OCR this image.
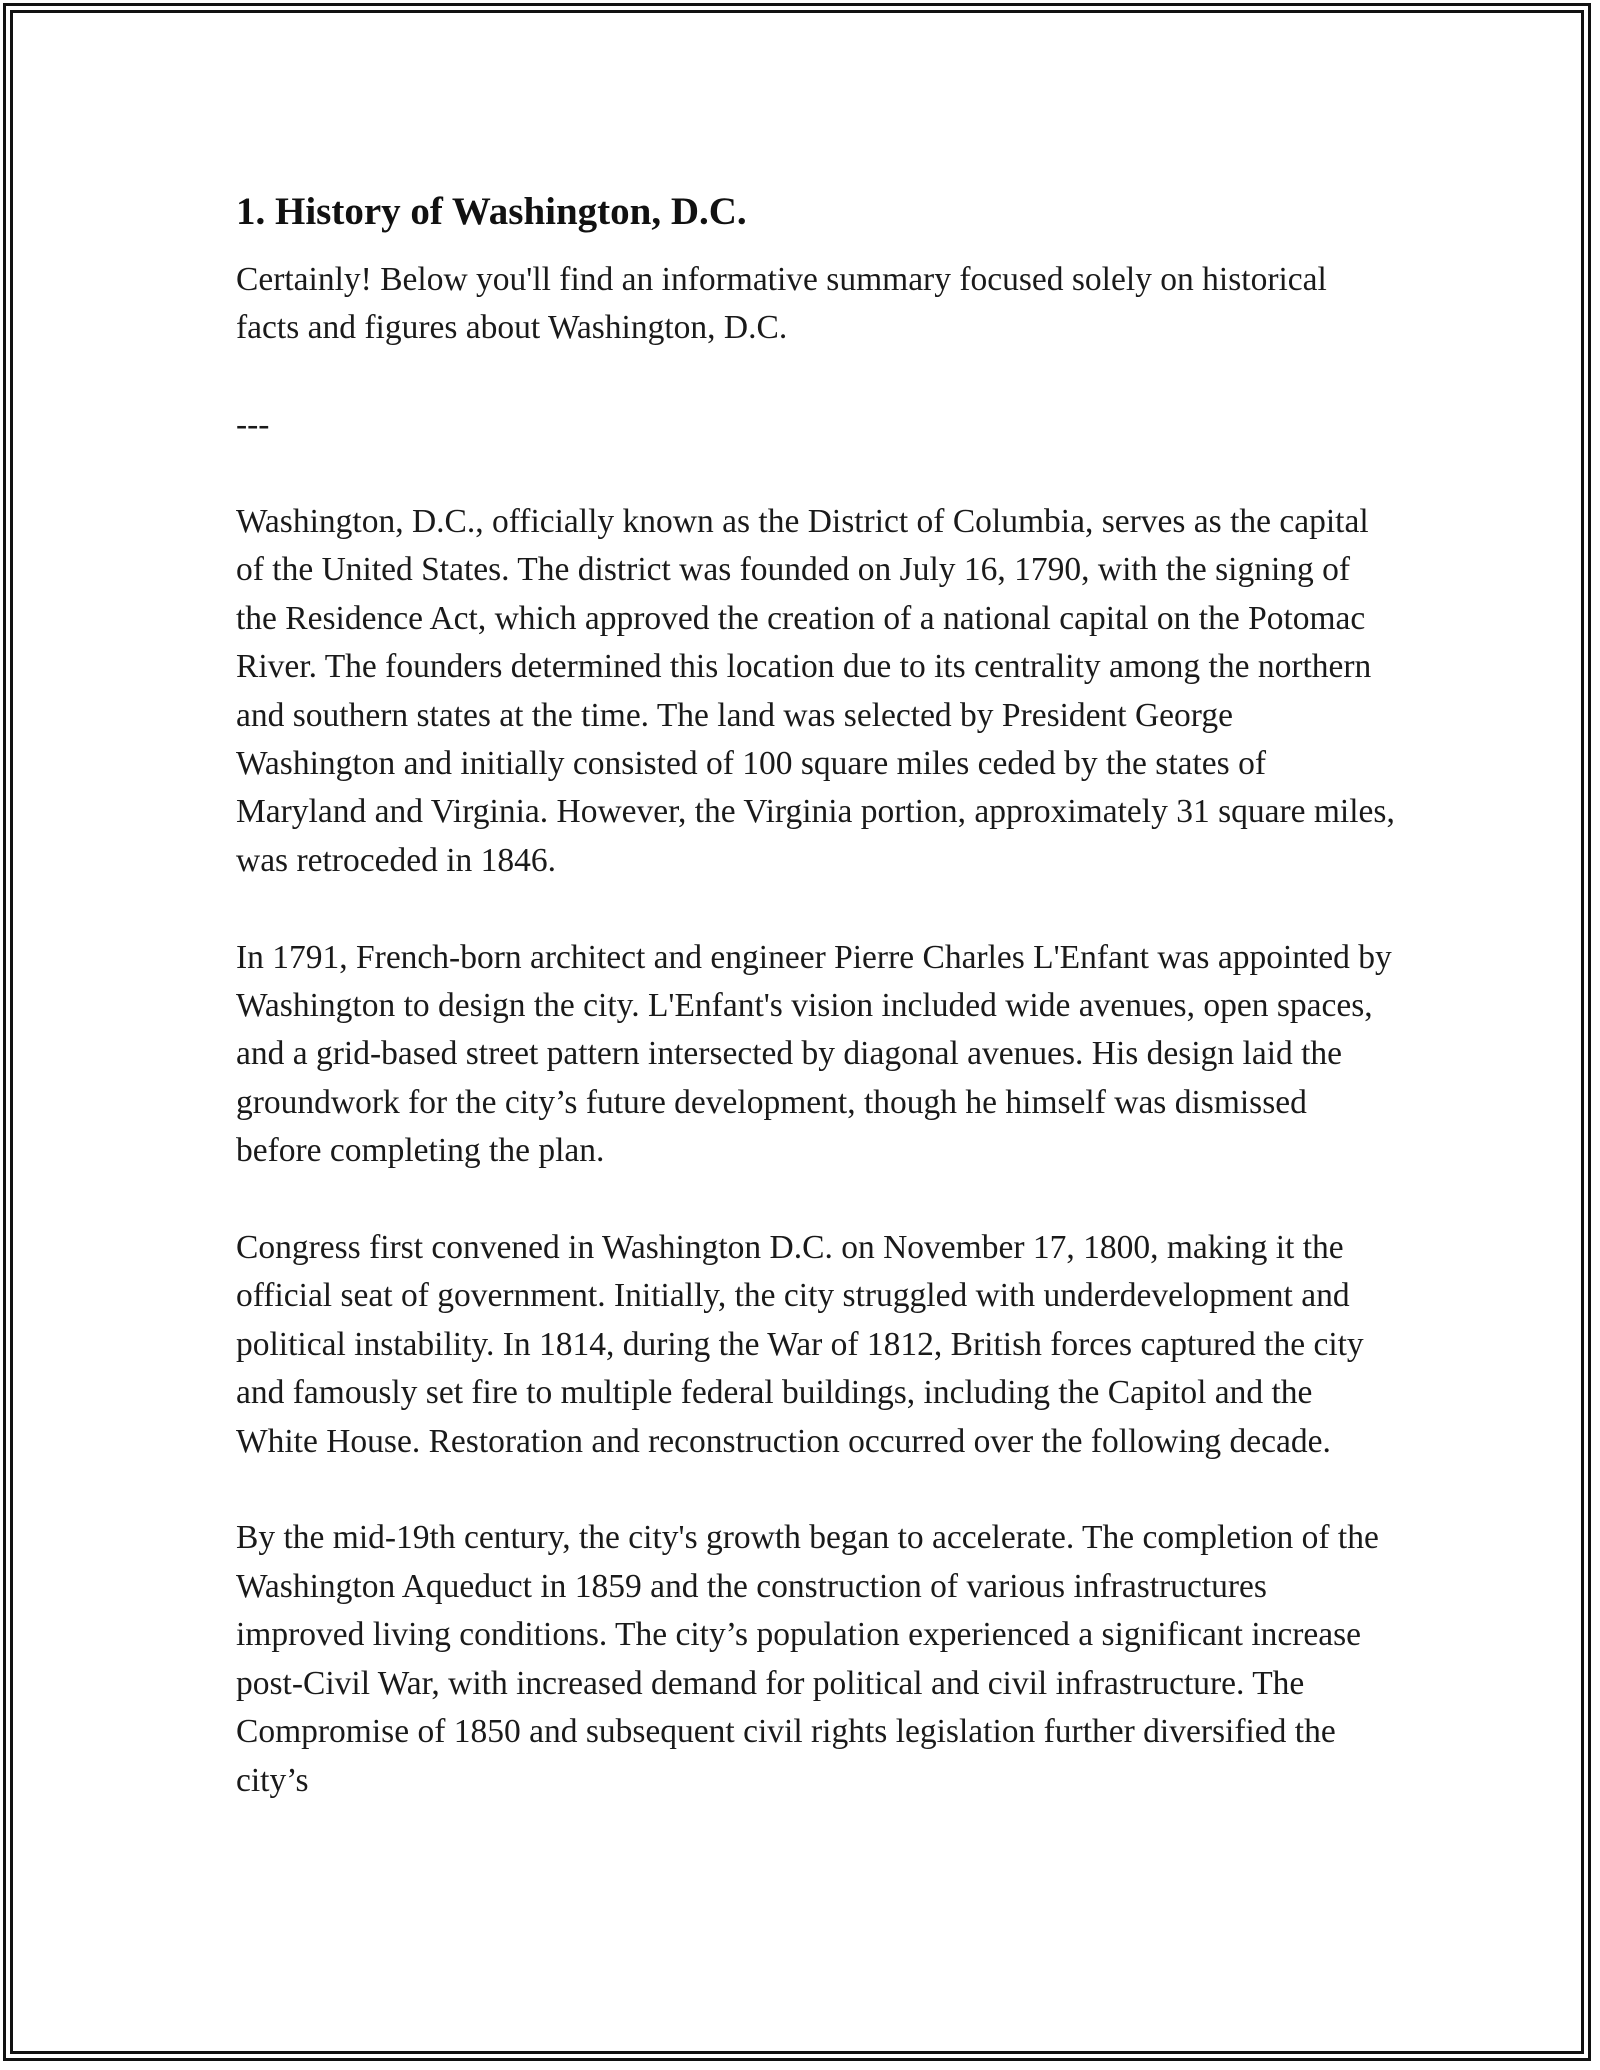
1. History of Washington, D.C.

Certainly! Below you'll find an informative summary focused solely on historical facts and figures about Washington, D.C.

---

Washington, D.C., officially known as the District of Columbia, serves as the capital of the United States. The district was founded on July 16, 1790, with the signing of the Residence Act, which approved the creation of a national capital on the Potomac River. The founders determined this location due to its centrality among the northern and southern states at the time. The land was selected by President George Washington and initially consisted of 100 square miles ceded by the states of Maryland and Virginia. However, the Virginia portion, approximately 31 square miles, was retroceded in 1846.

In 1791, French-born architect and engineer Pierre Charles L'Enfant was appointed by Washington to design the city. L'Enfant's vision included wide avenues, open spaces, and a grid-based street pattern intersected by diagonal avenues. His design laid the groundwork for the city’s future development, though he himself was dismissed before completing the plan.

Congress first convened in Washington D.C. on November 17, 1800, making it the official seat of government. Initially, the city struggled with underdevelopment and political instability. In 1814, during the War of 1812, British forces captured the city and famously set fire to multiple federal buildings, including the Capitol and the White House. Restoration and reconstruction occurred over the following decade.

By the mid-19th century, the city's growth began to accelerate. The completion of the Washington Aqueduct in 1859 and the construction of various infrastructures improved living conditions. The city’s population experienced a significant increase post-Civil War, with increased demand for political and civil infrastructure. The Compromise of 1850 and subsequent civil rights legislation further diversified the city’s
